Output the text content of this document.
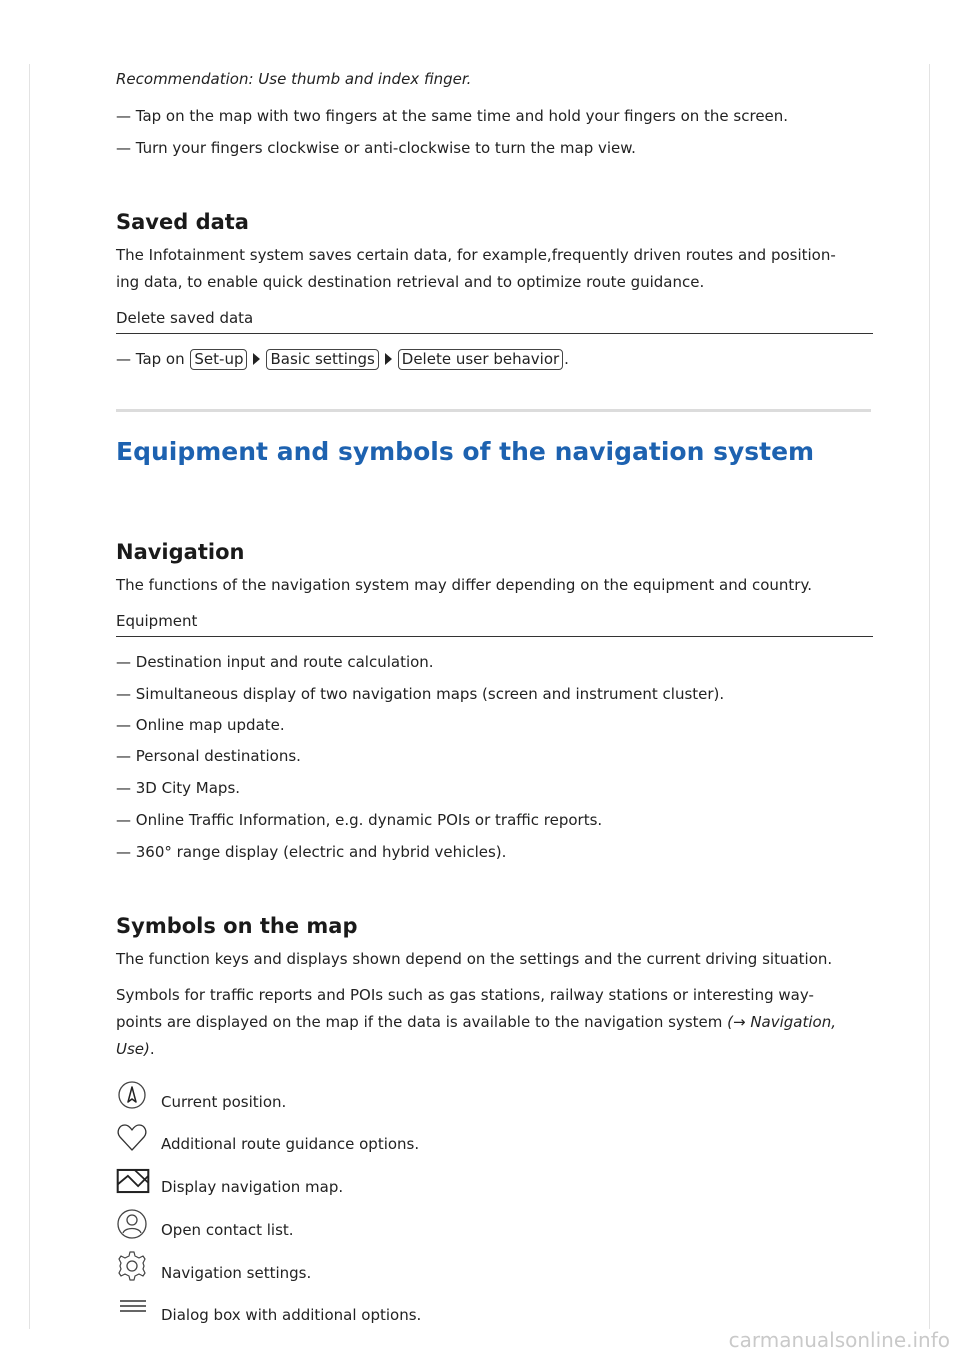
Recommendation: Use thumb and index finger.
— Tap on the map with two fingers at the same time and hold your fingers on the screen.
— Turn your fingers clockwise or anti-clockwise to turn the map view.
Saved data
The Infotainment system saves certain data, for example,frequently driven routes and position-
ing data, to enable quick destination retrieval and to optimize route guidance.
Delete saved data
— Tap on Set-up Basic settings Delete user behavior .
Equipment and symbols of the navigation system
Navigation
The functions of the navigation system may differ depending on the equipment and country.
Equipment
— Destination input and route calculation.
— Simultaneous display of two navigation maps (screen and instrument cluster).
— Online map update.
— Personal destinations.
— 3D City Maps.
— Online Traffic Information, e.g. dynamic POIs or traffic reports.
— 360° range display (electric and hybrid vehicles).
Symbols on the map
The function keys and displays shown depend on the settings and the current driving situation.
Symbols for traffic reports and POIs such as gas stations, railway stations or interesting way-
points are displayed on the map if the data is available to the navigation system (→ Navigation,
Use).
Current position.
Additional route guidance options.
Display navigation map.
Open contact list.
Navigation settings.
Dialog box with additional options.
carmanualsonline.info
